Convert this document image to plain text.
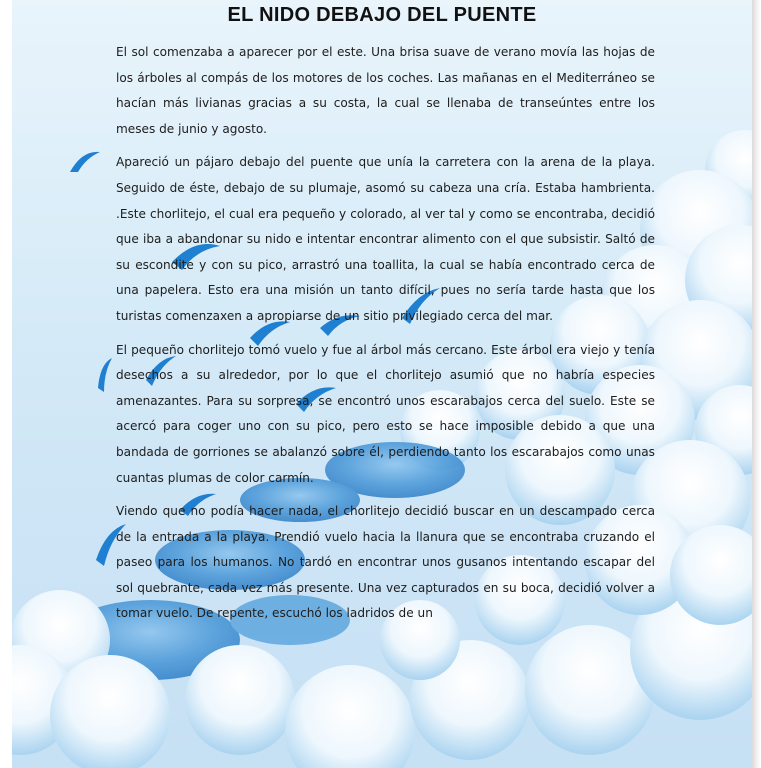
EL NIDO DEBAJO DEL PUENTE

El sol comenzaba a aparecer por el este. Una brisa suave de verano movía las hojas de los árboles al compás de los motores de los coches. Las mañanas en el Mediterráneo se hacían más livianas gracias a su costa, la cual se llenaba de transeúntes entre los meses de junio y agosto.

Apareció un pájaro debajo del puente que unía la carretera con la arena de la playa. Seguido de éste, debajo de su plumaje, asomó su cabeza una cría. Estaba hambrienta. .Este chorlitejo, el cual era pequeño y colorado, al ver tal y como se encontraba, decidió que iba a abandonar su nido e intentar encontrar alimento con el que subsistir. Saltó de su escondite y con su pico, arrastró una toallita, la cual se había encontrado cerca de una papelera. Esto era una misión un tanto difícil, pues no sería tarde hasta que los turistas comenzaxen a apropiarse de un sitio privilegiado cerca del mar.

El pequeño chorlitejo tomó vuelo y fue al árbol más cercano. Este árbol era viejo y tenía desechos a su alrededor, por lo que el chorlitejo asumió que no habría especies amenazantes. Para su sorpresa, se encontró unos escarabajos cerca del suelo. Este se acercó para coger uno con su pico, pero esto se hace imposible debido a que una bandada de gorriones se abalanzó sobre él, perdiendo tanto los escarabajos como unas cuantas plumas de color carmín.

Viendo que no podía hacer nada, el chorlitejo decidió buscar en un descampado cerca de la entrada a la playa. Prendió vuelo hacia la llanura que se encontraba cruzando el paseo para los humanos. No tardó en encontrar unos gusanos intentando escapar del sol quebrante, cada vez más presente. Una vez capturados en su boca, decidió volver a tomar vuelo. De repente, escuchó los ladridos de un
